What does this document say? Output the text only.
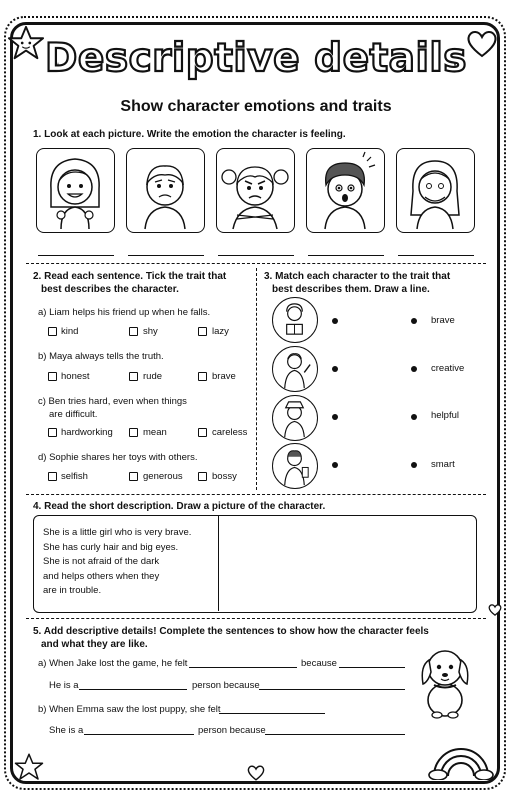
Descriptive details
Show character emotions and traits
1. Look at each picture. Write the emotion the character is feeling.
2. Read each sentence. Tick the trait that
best describes the character.
a) Liam helps his friend up when he falls.
kind	shy	lazy
b) Maya always tells the truth.
honest	rude	brave
c) Ben tries hard, even when things
are difficult.
hardworking	mean	careless
d) Sophie shares her toys with others.
selfish	generous	bossy
3. Match each character to the trait that
best describes them. Draw a line.
brave
creative
helpful
smart
4. Read the short description. Draw a picture of the character.
She is a little girl who is very brave.
She has curly hair and big eyes.
She is not afraid of the dark
and helps others when they
are in trouble.
5. Add descriptive details! Complete the sentences to show how the character feels
and what they are like.
a) When Jake lost the game, he felt	because
He is a	person because
b) When Emma saw the lost puppy, she felt
She is a	person because
